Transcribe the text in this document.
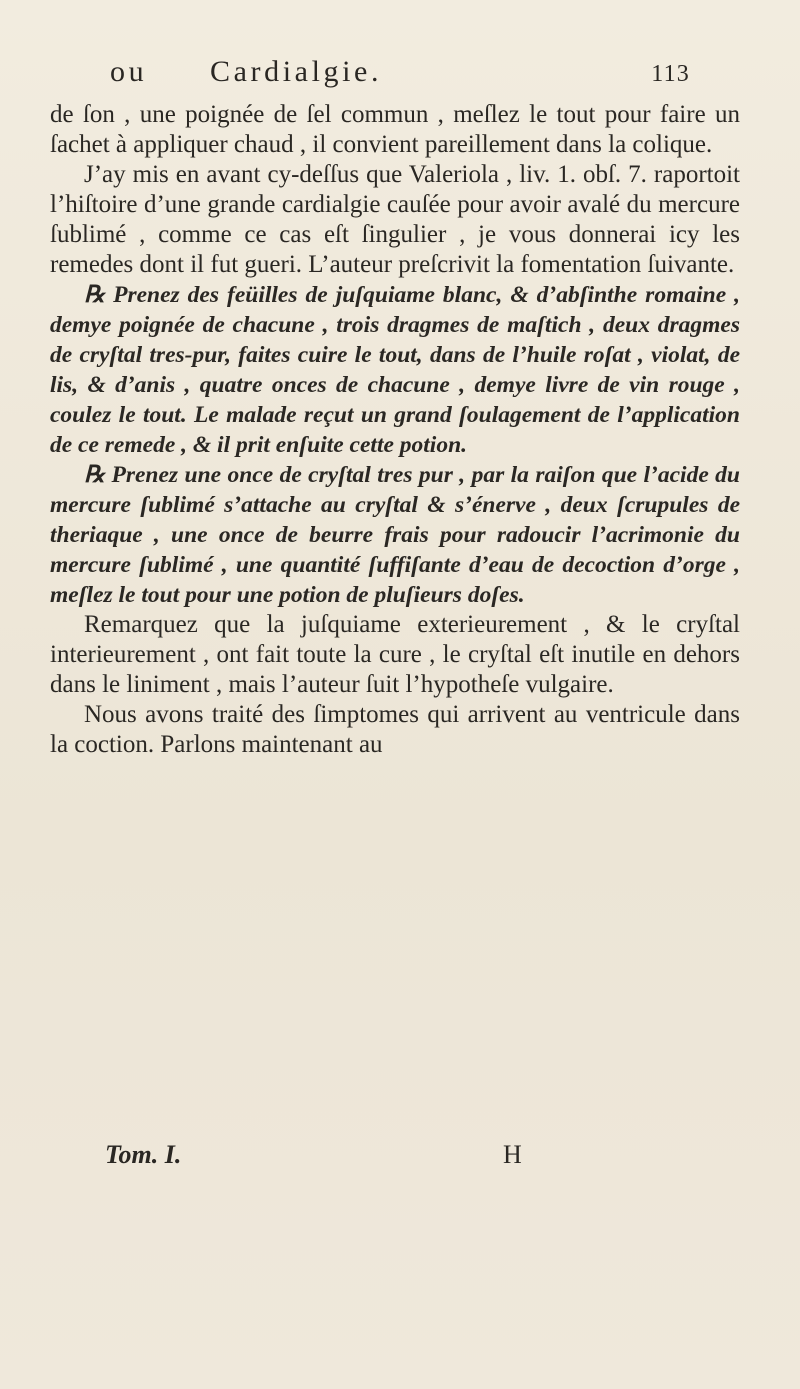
ou Cardialgie.	113

de ſon , une poignée de ſel commun , meſlez le tout pour faire un ſachet à appliquer chaud , il convient pareillement dans la colique.

J’ay mis en avant cy-deſſus que Valeriola , liv. 1. obſ. 7. raportoit l’hiſtoire d’une grande cardialgie cauſée pour avoir avalé du mercure ſublimé , comme ce cas eſt ſingulier , je vous donnerai icy les remedes dont il fut gueri. L’auteur preſcrivit la fomentation ſuivante.

℞ Prenez des feüilles de juſquiame blanc, & d’abſinthe romaine , demye poignée de chacune , trois dragmes de maſtich , deux dragmes de cryſtal tres-pur, faites cuire le tout, dans de l’huile roſat , violat, de lis, & d’anis , quatre onces de chacune , demye livre de vin rouge , coulez le tout. Le malade reçut un grand ſoulagement de l’application de ce remede , & il prit enſuite cette potion.

℞ Prenez une once de cryſtal tres pur , par la raiſon que l’acide du mercure ſublimé s’attache au cryſtal & s’énerve , deux ſcrupules de theriaque , une once de beurre frais pour radoucir l’acrimonie du mercure ſublimé , une quantité ſuffiſante d’eau de decoction d’orge , meſlez le tout pour une potion de pluſieurs doſes.

Remarquez que la juſquiame exterieurement , & le cryſtal interieurement , ont fait toute la cure , le cryſtal eſt inutile en dehors dans le liniment , mais l’auteur ſuit l’hypotheſe vulgaire.

Nous avons traité des ſimptomes qui arrivent au ventricule dans la coction. Parlons maintenant au

Tom. I.	H
